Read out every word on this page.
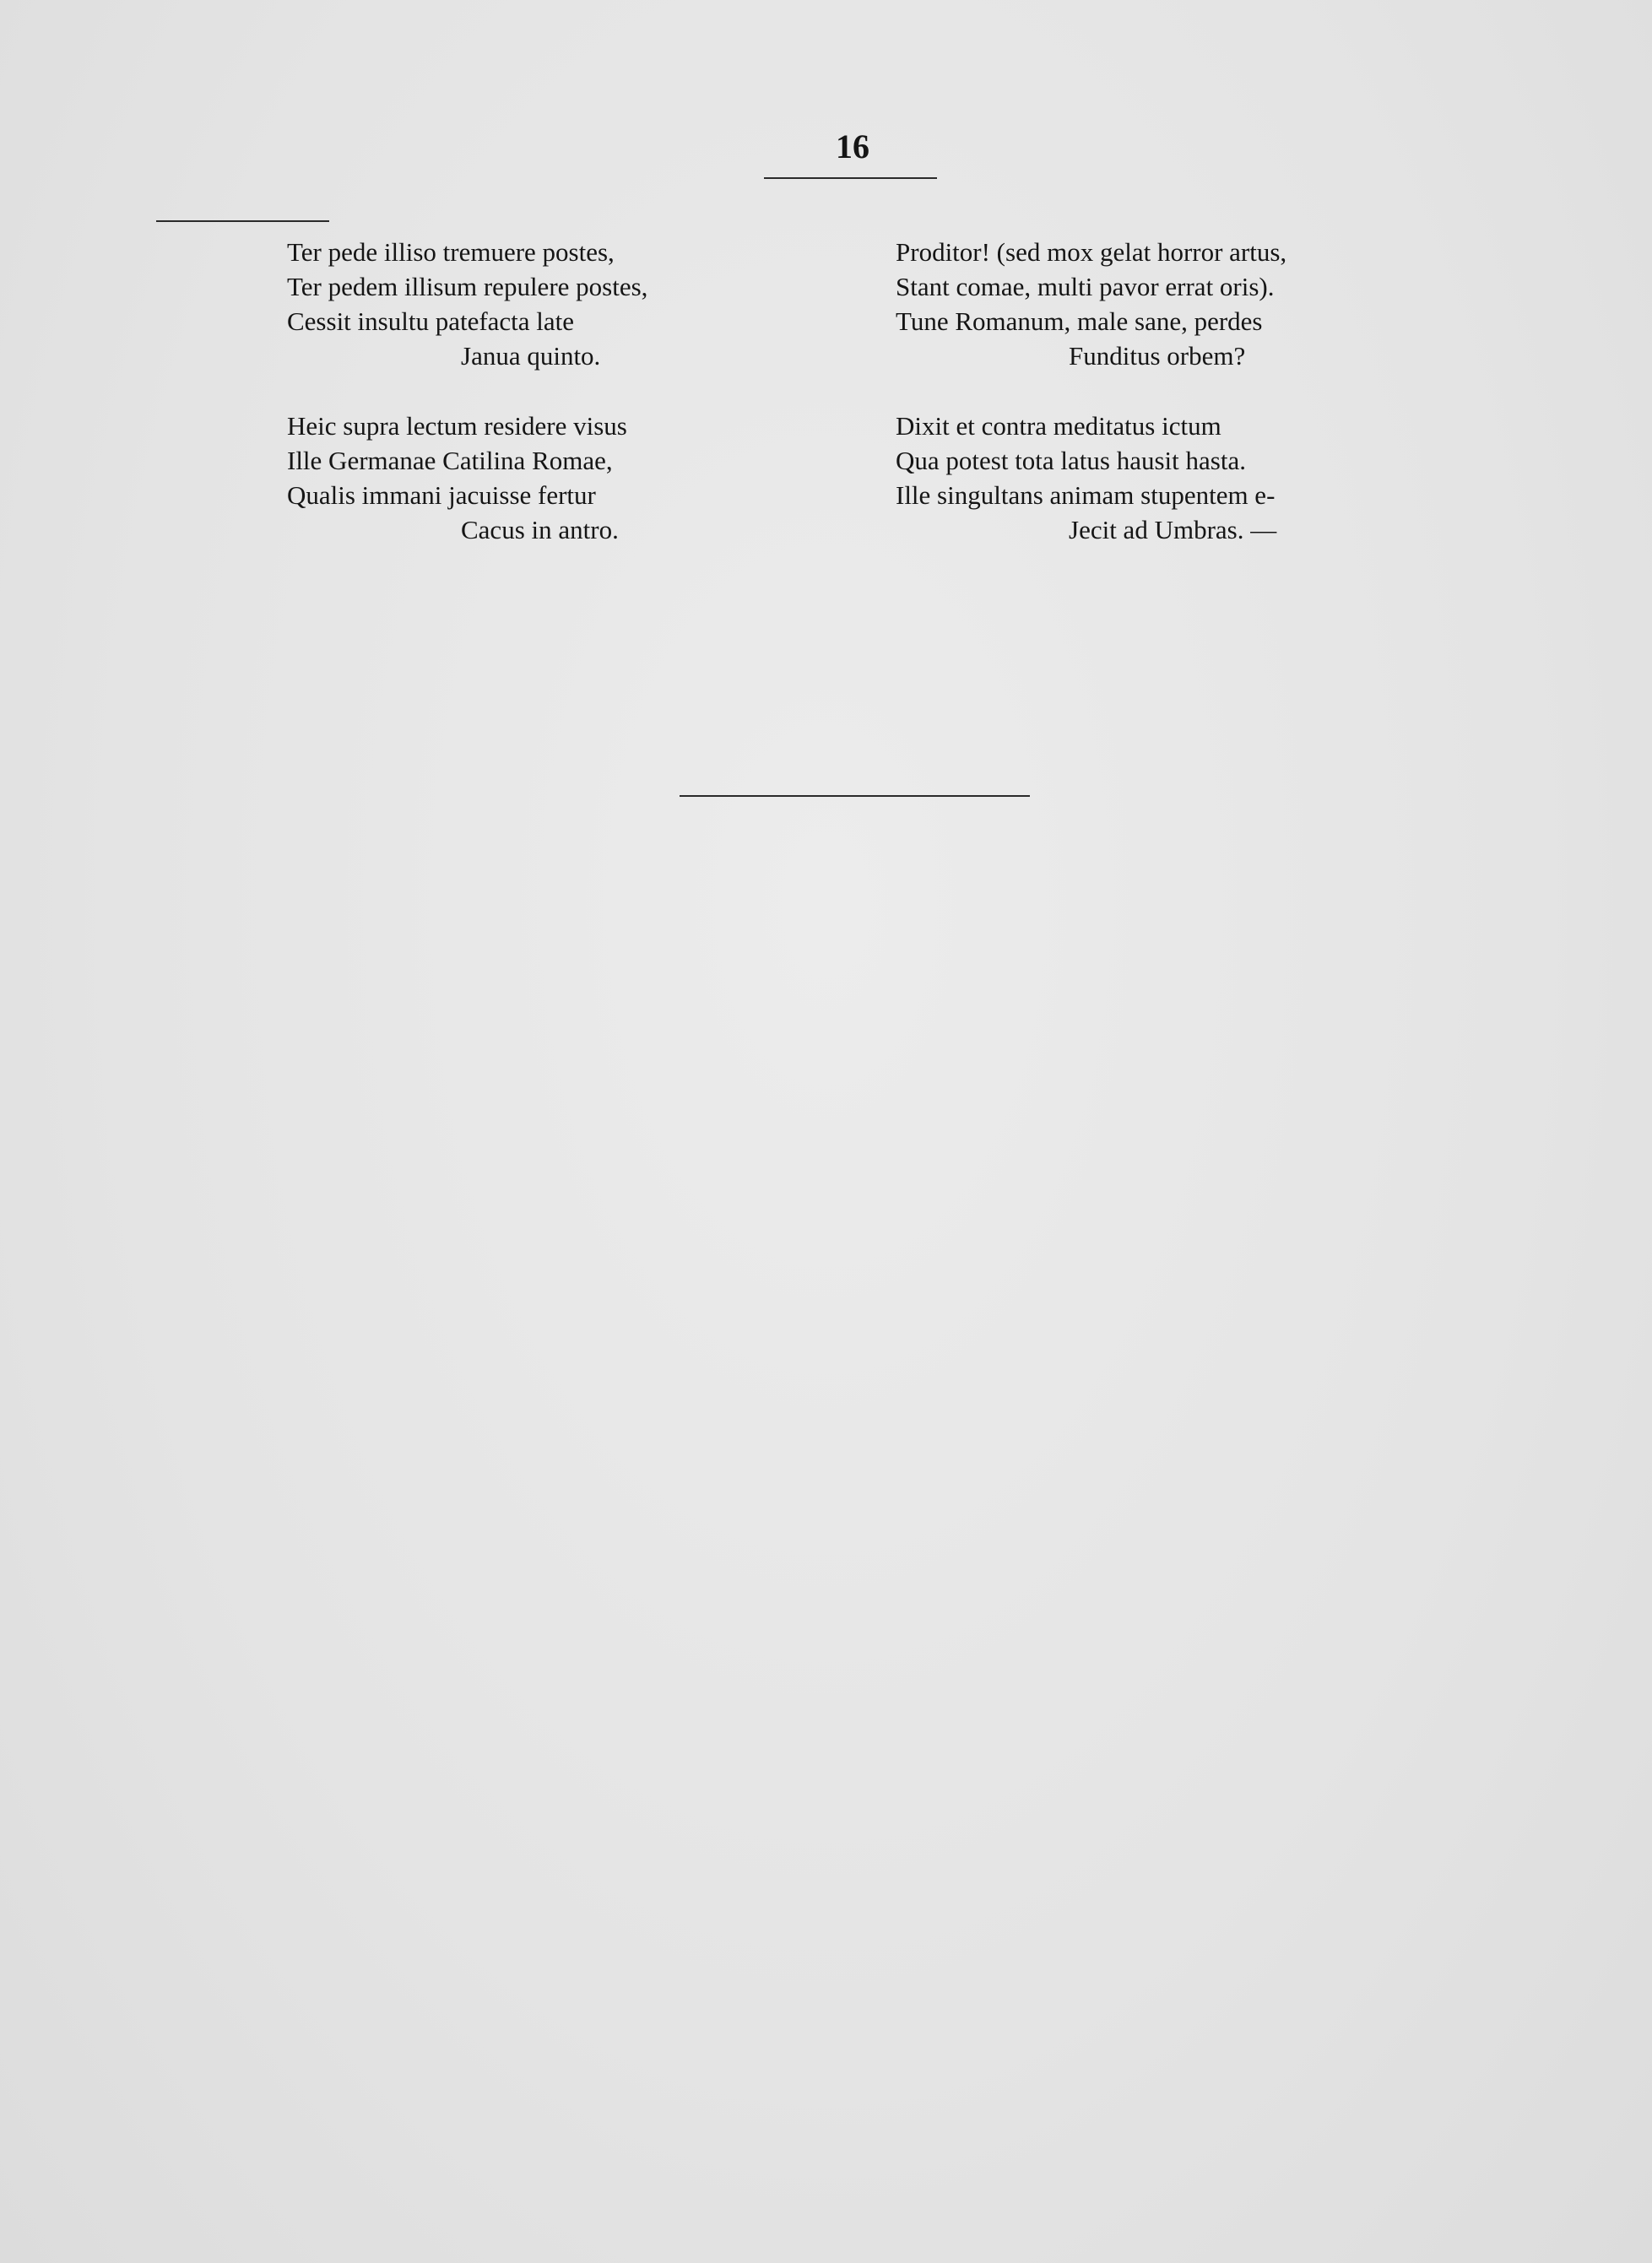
16
Ter pede illiso tremuere postes,
Ter pedem illisum repulere postes,
Cessit insultu patefacta late
Janua quinto.
Heic supra lectum residere visus
Ille Germanae Catilina Romae,
Qualis immani jacuisse fertur
Cacus in antro.
Proditor! (sed mox gelat horror artus,
Stant comae, multi pavor errat oris).
Tune Romanum, male sane, perdes
Funditus orbem?
Dixit et contra meditatus ictum
Qua potest tota latus hausit hasta.
Ille singultans animam stupentem e-
Jecit ad Umbras. —
